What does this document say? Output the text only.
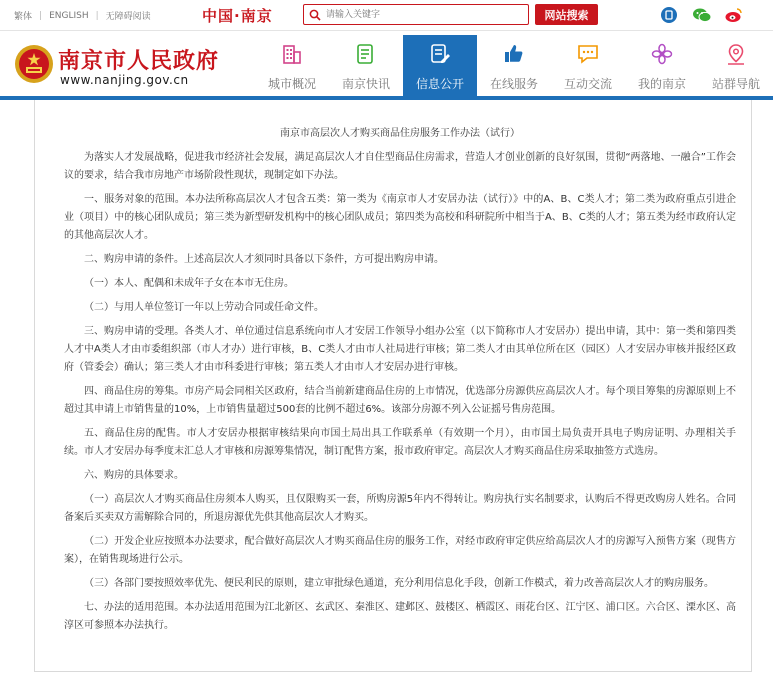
繁体 | ENGLISH | 无障碍阅读	中国·南京
请输入关键字	网站搜索
南京市人民政府
www.nanjing.gov.cn	城市概况 南京快讯 信息公开 在线服务 互动交流 我的南京 站群导航
南京市高层次人才购买商品住房服务工作办法（试行）

为落实人才发展战略，促进我市经济社会发展，满足高层次人才自住型商品住房需求，营造人才创业创新的良好氛围，贯彻“两落地、一融合”工作会议的要求，结合我市房地产市场阶段性现状，现制定如下办法。

一、服务对象的范围。本办法所称高层次人才包含五类：第一类为《南京市人才安居办法（试行）》中的A、B、C类人才；第二类为政府重点引进企业（项目）中的核心团队成员；第三类为新型研发机构中的核心团队成员；第四类为高校和科研院所中相当于A、B、C类的人才；第五类为经市政府认定的其他高层次人才。

二、购房申请的条件。上述高层次人才须同时具备以下条件，方可提出购房申请。

（一）本人、配偶和未成年子女在本市无住房。

（二）与用人单位签订一年以上劳动合同或任命文件。

三、购房申请的受理。各类人才、单位通过信息系统向市人才安居工作领导小组办公室（以下简称市人才安居办）提出申请，其中：第一类和第四类人才中A类人才由市委组织部（市人才办）进行审核，B、C类人才由市人社局进行审核；第二类人才由其单位所在区（园区）人才安居办审核并报经区政府（管委会）确认；第三类人才由市科委进行审核；第五类人才由市人才安居办进行审核。

四、商品住房的筹集。市房产局会同相关区政府，结合当前新建商品住房的上市情况，优选部分房源供应高层次人才。每个项目筹集的房源原则上不超过其申请上市销售量的10%，上市销售量超过500套的比例不超过6%。该部分房源不列入公证摇号售房范围。

五、商品住房的配售。市人才安居办根据审核结果向市国土局出具工作联系单（有效期一个月），由市国土局负责开具电子购房证明、办理相关手续。市人才安居办每季度末汇总人才审核和房源筹集情况，制订配售方案，报市政府审定。高层次人才购买商品住房采取抽签方式选房。

六、购房的具体要求。

（一）高层次人才购买商品住房须本人购买，且仅限购买一套，所购房源5年内不得转让。购房执行实名制要求，认购后不得更改购房人姓名。合同备案后买卖双方需解除合同的，所退房源优先供其他高层次人才购买。

（二）开发企业应按照本办法要求，配合做好高层次人才购买商品住房的服务工作，对经市政府审定供应给高层次人才的房源写入预售方案（现售方案），在销售现场进行公示。

（三）各部门要按照效率优先、便民利民的原则，建立审批绿色通道，充分利用信息化手段，创新工作模式，着力改善高层次人才的购房服务。

七、办法的适用范围。本办法适用范围为江北新区、玄武区、秦淮区、建邺区、鼓楼区、栖霞区、雨花台区、江宁区、浦口区。六合区、溧水区、高淳区可参照本办法执行。
